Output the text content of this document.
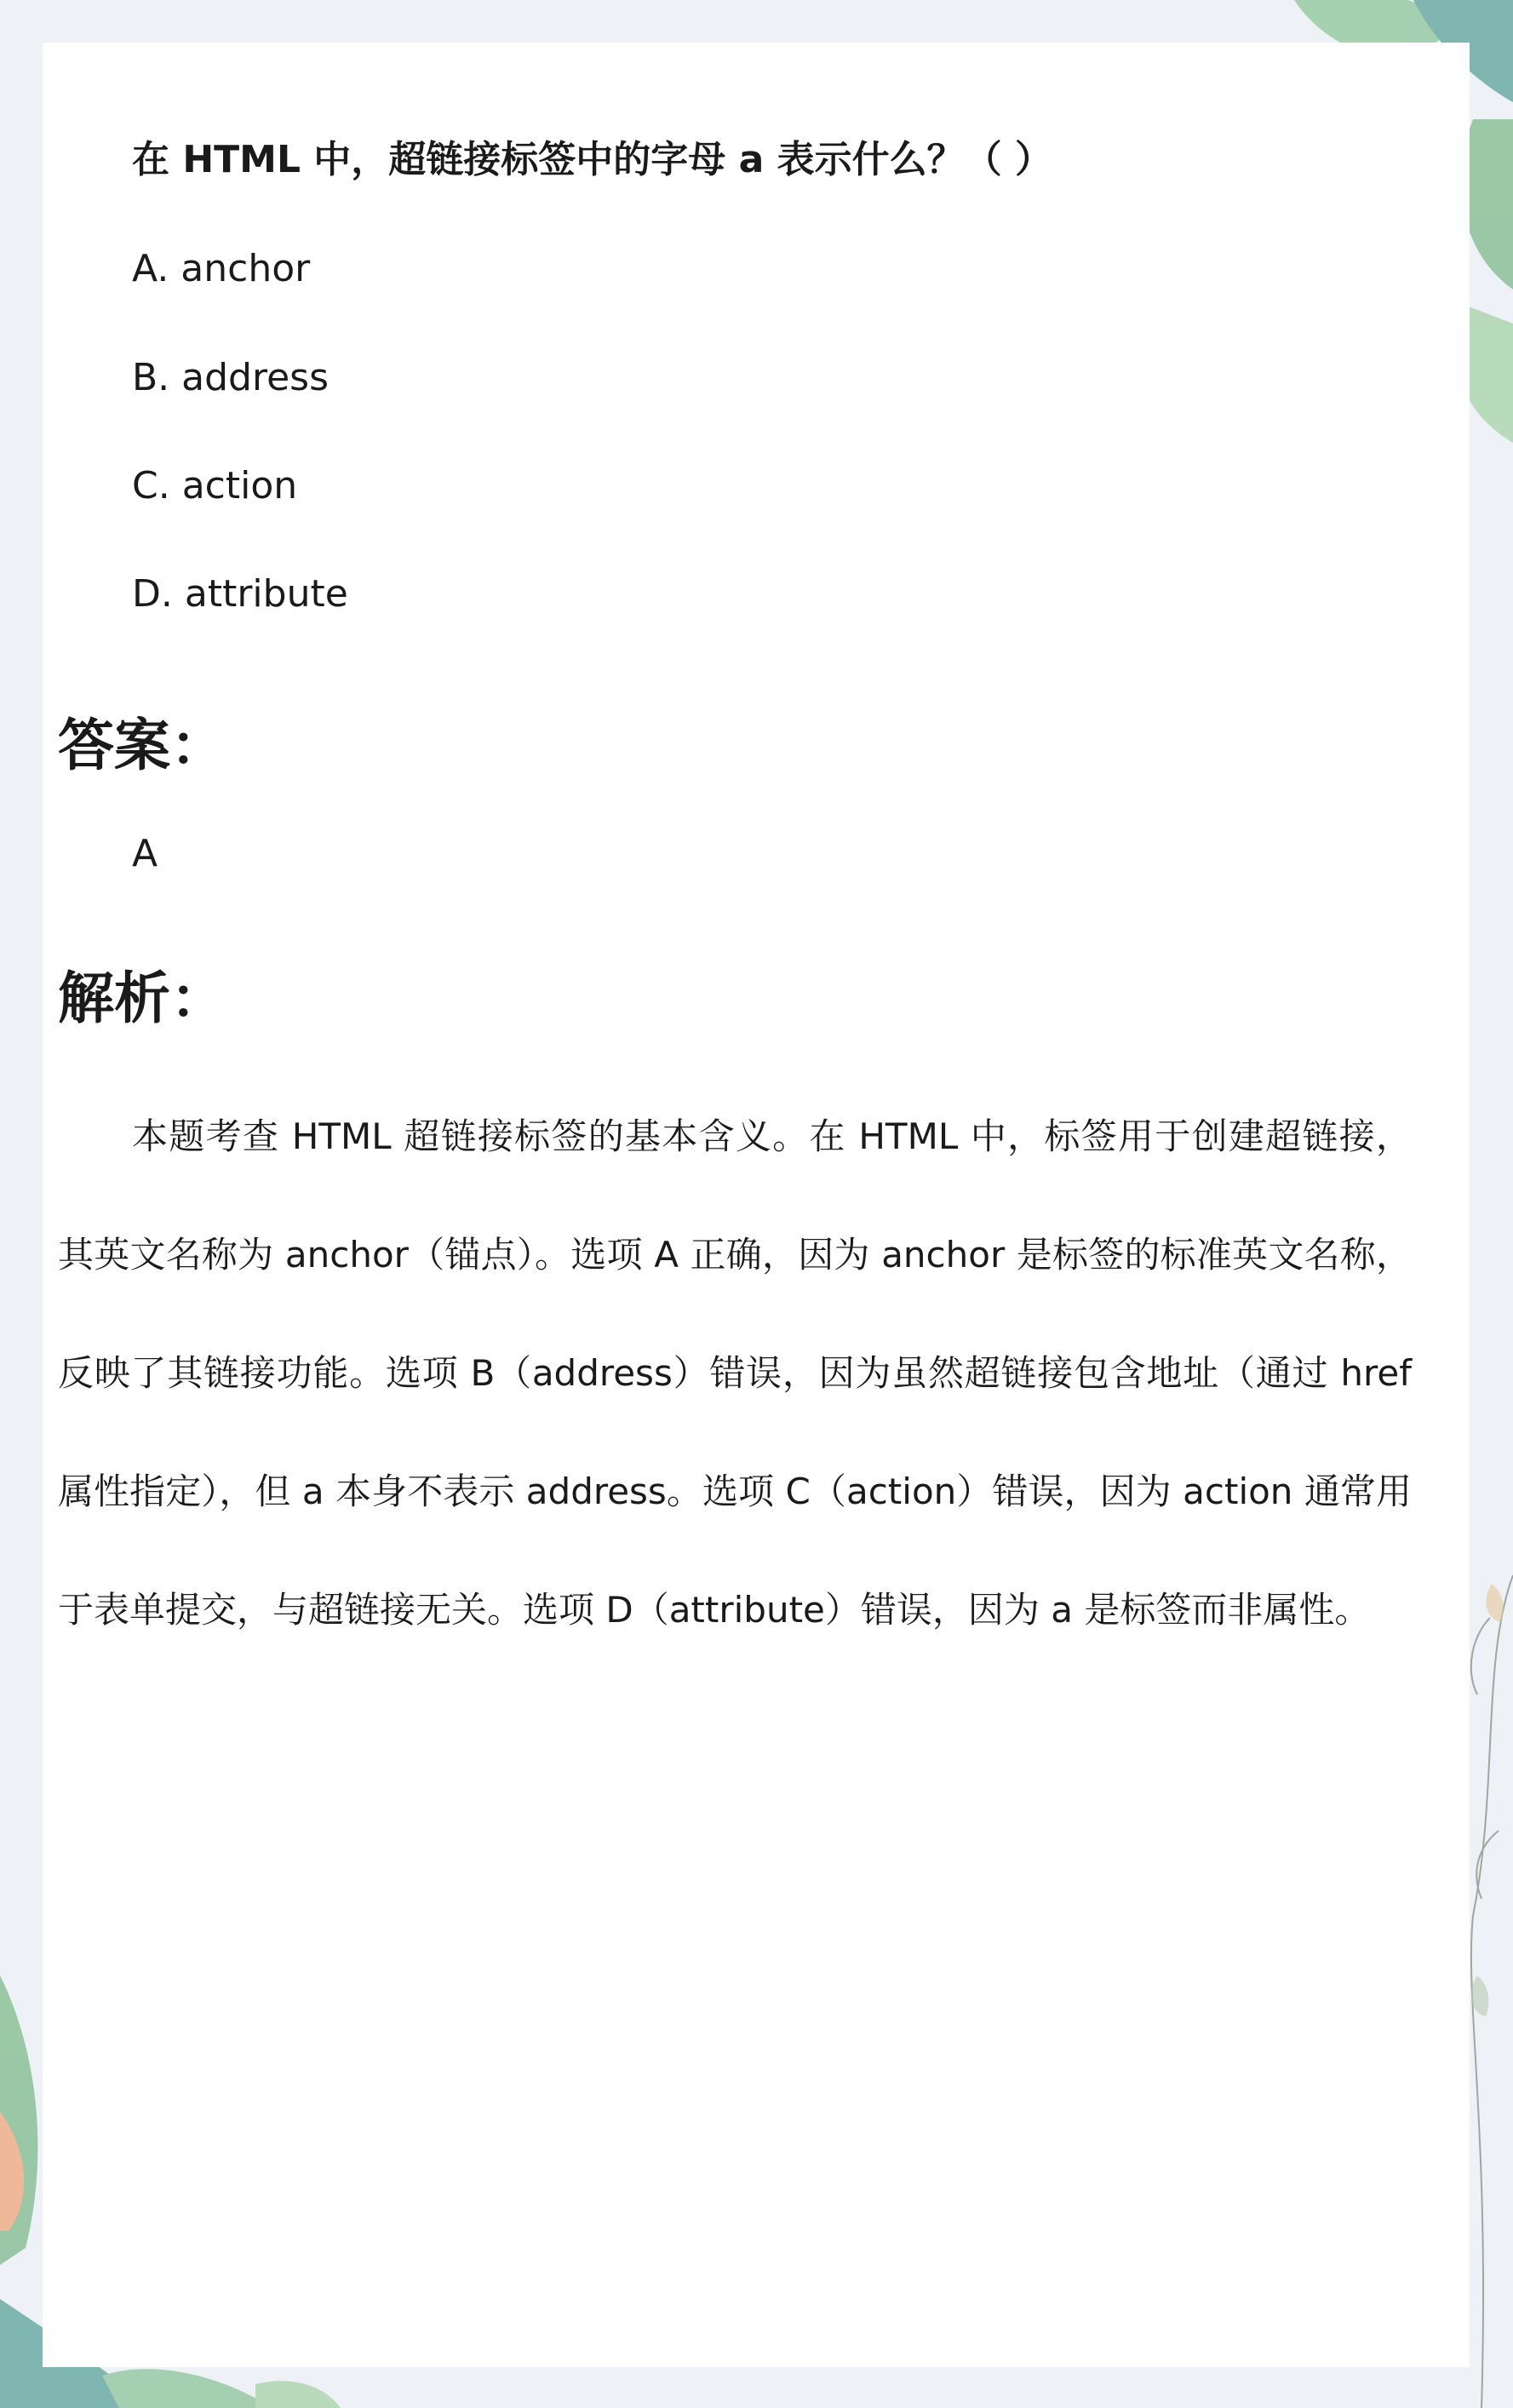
在 HTML 中，超链接标签中的字母 a 表示什么？（ ）
A. anchor
B. address
C. action
D. attribute
答案：
A
解析：

本题考查 HTML 超链接标签的基本含义。在 HTML 中，标签用于创建超链接，其英文名称为 anchor（锚点）。选项 A 正确，因为 anchor 是标签的标准英文名称，反映了其链接功能。选项 B（address）错误，因为虽然超链接包含地址（通过 href 属性指定），但 a 本身不表示 address。选项 C（action）错误，因为 action 通常用于表单提交，与超链接无关。选项 D（attribute）错误，因为 a 是标签而非属性。
